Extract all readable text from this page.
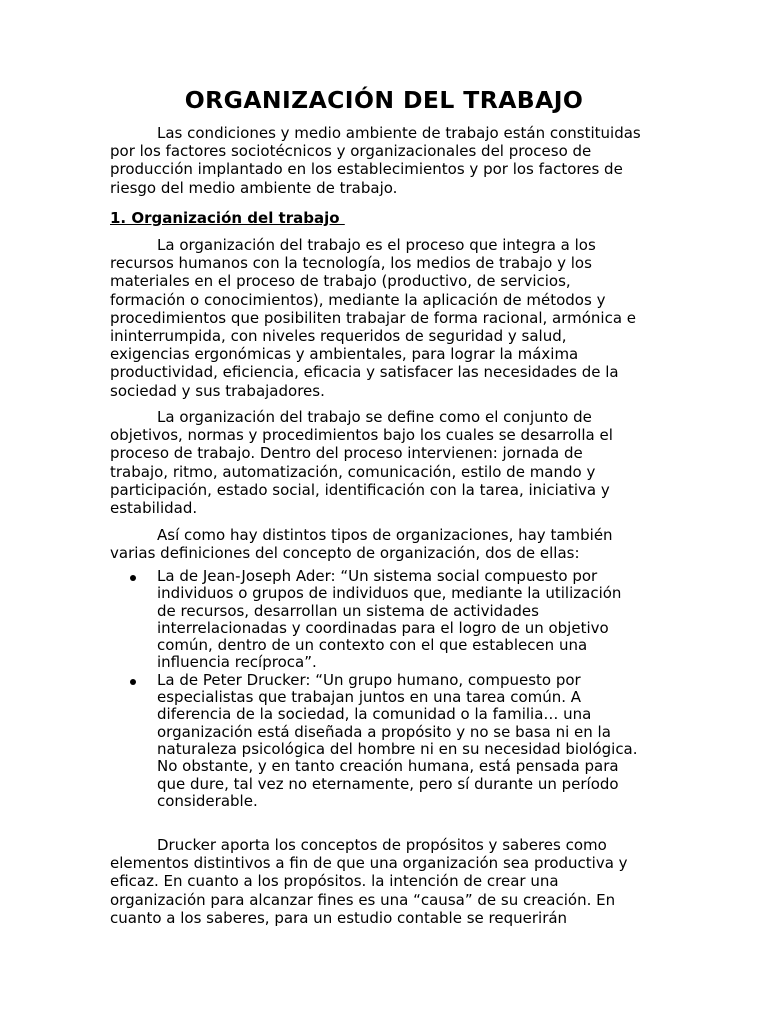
ORGANIZACIÓN DEL TRABAJO
Las condiciones y medio ambiente de trabajo están constituidas
por los factores sociotécnicos y organizacionales del proceso de
producción implantado en los establecimientos y por los factores de
riesgo del medio ambiente de trabajo.
1. Organización del trabajo
La organización del trabajo es el proceso que integra a los
recursos humanos con la tecnología, los medios de trabajo y los
materiales en el proceso de trabajo (productivo, de servicios,
formación o conocimientos), mediante la aplicación de métodos y
procedimientos que posibiliten trabajar de forma racional, armónica e
ininterrumpida, con niveles requeridos de seguridad y salud,
exigencias ergonómicas y ambientales, para lograr la máxima
productividad, eficiencia, eficacia y satisfacer las necesidades de la
sociedad y sus trabajadores.
La organización del trabajo se define como el conjunto de
objetivos, normas y procedimientos bajo los cuales se desarrolla el
proceso de trabajo. Dentro del proceso intervienen: jornada de
trabajo, ritmo, automatización, comunicación, estilo de mando y
participación, estado social, identificación con la tarea, iniciativa y
estabilidad.
Así como hay distintos tipos de organizaciones, hay también
varias definiciones del concepto de organización, dos de ellas:
La de Jean-Joseph Ader: “Un sistema social compuesto por
individuos o grupos de individuos que, mediante la utilización
de recursos, desarrollan un sistema de actividades
interrelacionadas y coordinadas para el logro de un objetivo
común, dentro de un contexto con el que establecen una
influencia recíproca”.
La de Peter Drucker: “Un grupo humano, compuesto por
especialistas que trabajan juntos en una tarea común. A
diferencia de la sociedad, la comunidad o la familia… una
organización está diseñada a propósito y no se basa ni en la
naturaleza psicológica del hombre ni en su necesidad biológica.
No obstante, y en tanto creación humana, está pensada para
que dure, tal vez no eternamente, pero sí durante un período
considerable.
Drucker aporta los conceptos de propósitos y saberes como
elementos distintivos a fin de que una organización sea productiva y
eficaz. En cuanto a los propósitos. la intención de crear una
organización para alcanzar fines es una “causa” de su creación. En
cuanto a los saberes, para un estudio contable se requerirán
